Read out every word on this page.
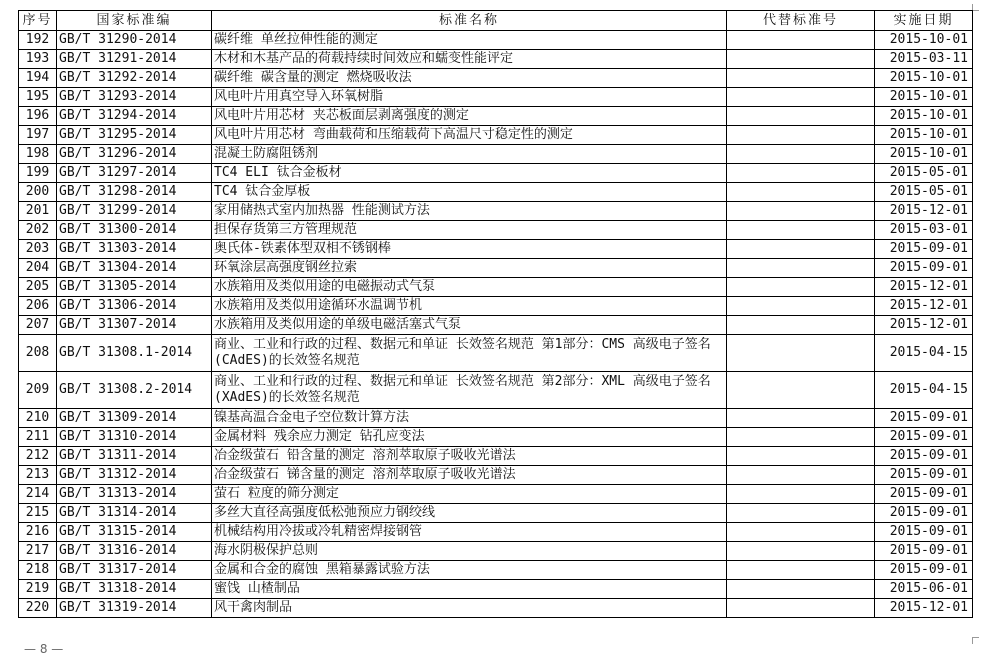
序号	国家标准编	标准名称	代替标准号	实施日期
192	GB/T 31290-2014	碳纤维 单丝拉伸性能的测定		2015-10-01
193	GB/T 31291-2014	木材和木基产品的荷载持续时间效应和蠕变性能评定		2015-03-11
194	GB/T 31292-2014	碳纤维 碳含量的测定 燃烧吸收法		2015-10-01
195	GB/T 31293-2014	风电叶片用真空导入环氧树脂		2015-10-01
196	GB/T 31294-2014	风电叶片用芯材 夹芯板面层剥离强度的测定		2015-10-01
197	GB/T 31295-2014	风电叶片用芯材 弯曲载荷和压缩载荷下高温尺寸稳定性的测定		2015-10-01
198	GB/T 31296-2014	混凝土防腐阻锈剂		2015-10-01
199	GB/T 31297-2014	TC4 ELI 钛合金板材		2015-05-01
200	GB/T 31298-2014	TC4 钛合金厚板		2015-05-01
201	GB/T 31299-2014	家用储热式室内加热器 性能测试方法		2015-12-01
202	GB/T 31300-2014	担保存货第三方管理规范		2015-03-01
203	GB/T 31303-2014	奥氏体-铁素体型双相不锈钢棒		2015-09-01
204	GB/T 31304-2014	环氧涂层高强度钢丝拉索		2015-09-01
205	GB/T 31305-2014	水族箱用及类似用途的电磁振动式气泵		2015-12-01
206	GB/T 31306-2014	水族箱用及类似用途循环水温调节机		2015-12-01
207	GB/T 31307-2014	水族箱用及类似用途的单级电磁活塞式气泵		2015-12-01
208	GB/T 31308.1-2014	商业、工业和行政的过程、数据元和单证 长效签名规范 第1部分：CMS 高级电子签名(CAdES)的长效签名规范		2015-04-15
209	GB/T 31308.2-2014	商业、工业和行政的过程、数据元和单证 长效签名规范 第2部分：XML 高级电子签名(XAdES)的长效签名规范		2015-04-15
210	GB/T 31309-2014	镍基高温合金电子空位数计算方法		2015-09-01
211	GB/T 31310-2014	金属材料 残余应力测定 钻孔应变法		2015-09-01
212	GB/T 31311-2014	冶金级萤石 铅含量的测定 溶剂萃取原子吸收光谱法		2015-09-01
213	GB/T 31312-2014	冶金级萤石 锑含量的测定 溶剂萃取原子吸收光谱法		2015-09-01
214	GB/T 31313-2014	萤石 粒度的筛分测定		2015-09-01
215	GB/T 31314-2014	多丝大直径高强度低松弛预应力钢绞线		2015-09-01
216	GB/T 31315-2014	机械结构用冷拔或冷轧精密焊接钢管		2015-09-01
217	GB/T 31316-2014	海水阴极保护总则		2015-09-01
218	GB/T 31317-2014	金属和合金的腐蚀 黑箱暴露试验方法		2015-09-01
219	GB/T 31318-2014	蜜饯 山楂制品		2015-06-01
220	GB/T 31319-2014	风干禽肉制品		2015-12-01
— 8 —
